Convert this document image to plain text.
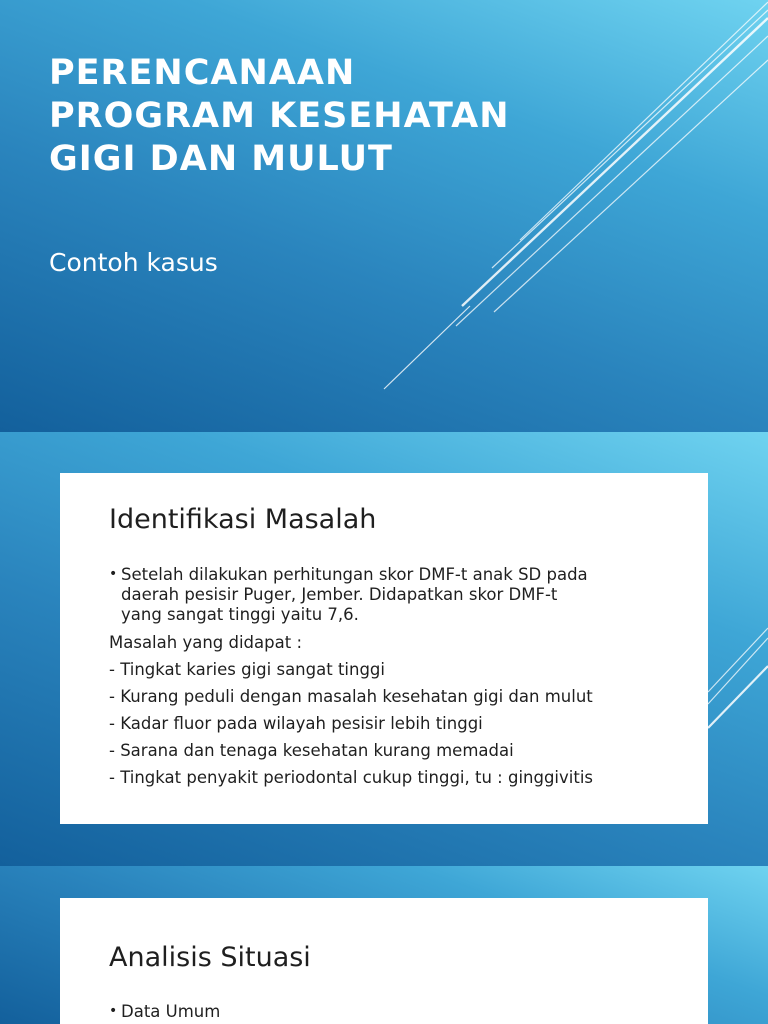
PERENCANAAN
PROGRAM KESEHATAN
GIGI DAN MULUT

Contoh kasus

Identifikasi Masalah
• Setelah dilakukan perhitungan skor DMF-t anak SD pada
daerah pesisir Puger, Jember. Didapatkan skor DMF-t
yang sangat tinggi yaitu 7,6.

Masalah yang didapat :

- Tingkat karies gigi sangat tinggi

- Kurang peduli dengan masalah kesehatan gigi dan mulut

- Kadar fluor pada wilayah pesisir lebih tinggi

- Sarana dan tenaga kesehatan kurang memadai

- Tingkat penyakit periodontal cukup tinggi, tu : ginggivitis

Analisis Situasi
• Data Umum
